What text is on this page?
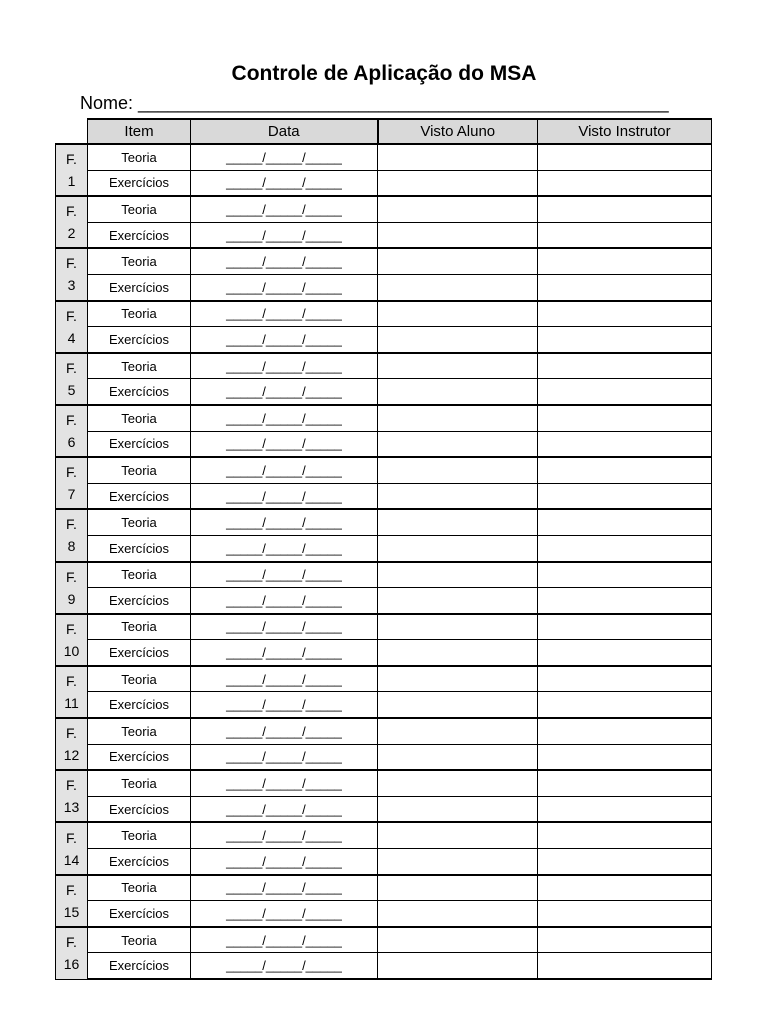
Controle de Aplicação do MSA
Nome: _____________________________________________________
	Item	Data	Visto Aluno	Visto Instrutor
F.
1	Teoria	_____/_____/_____		
	Exercícios	_____/_____/_____		
F.
2	Teoria	_____/_____/_____		
	Exercícios	_____/_____/_____		
F.
3	Teoria	_____/_____/_____		
	Exercícios	_____/_____/_____		
F.
4	Teoria	_____/_____/_____		
	Exercícios	_____/_____/_____		
F.
5	Teoria	_____/_____/_____		
	Exercícios	_____/_____/_____		
F.
6	Teoria	_____/_____/_____		
	Exercícios	_____/_____/_____		
F.
7	Teoria	_____/_____/_____		
	Exercícios	_____/_____/_____		
F.
8	Teoria	_____/_____/_____		
	Exercícios	_____/_____/_____		
F.
9	Teoria	_____/_____/_____		
	Exercícios	_____/_____/_____		
F.
10	Teoria	_____/_____/_____		
	Exercícios	_____/_____/_____		
F.
11	Teoria	_____/_____/_____		
	Exercícios	_____/_____/_____		
F.
12	Teoria	_____/_____/_____		
	Exercícios	_____/_____/_____		
F.
13	Teoria	_____/_____/_____		
	Exercícios	_____/_____/_____		
F.
14	Teoria	_____/_____/_____		
	Exercícios	_____/_____/_____		
F.
15	Teoria	_____/_____/_____		
	Exercícios	_____/_____/_____		
F.
16	Teoria	_____/_____/_____		
	Exercícios	_____/_____/_____		
